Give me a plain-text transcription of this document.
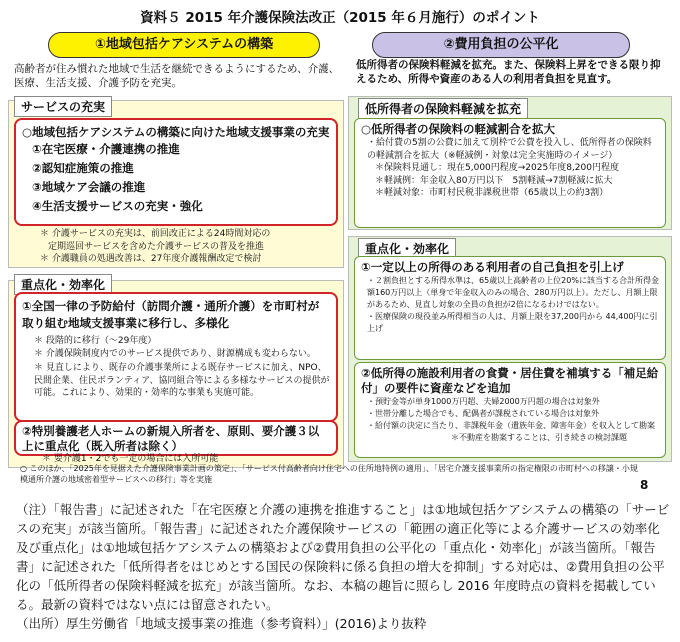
資料５ 2015 年介護保険法改正（2015 年６月施行）のポイント
①地域包括ケアシステムの構築	②費用負担の公平化
高齢者が住み慣れた地域で生活を継続できるようにするため、介護、医療、生活支援、介護予防を充実。
低所得者の保険料軽減を拡充。また、保険料上昇をできる限り抑えるため、所得や資産のある人の利用者負担を見直す。
サービスの充実
○地域包括ケアシステムの構築に向けた地域支援事業の充実
①在宅医療・介護連携の推進
②認知症施策の推進
③地域ケア会議の推進
④生活支援サービスの充実・強化
＊ 介護サービスの充実は、前回改正による24時間対応の
定期巡回サービスを含めた介護サービスの普及を推進
＊ 介護職員の処遇改善は、27年度介護報酬改定で検討
重点化・効率化
①全国一律の予防給付（訪問介護・通所介護）を市町村が取り組む地域支援事業に移行し、多様化
＊ 段階的に移行（～29年度）
＊ 介護保険制度内でのサービス提供であり、財源構成も変わらない。
＊ 見直しにより、既存の介護事業所による既存サービスに加え、NPO、民間企業、住民ボランティア、協同組合等による多様なサービスの提供が可能。これにより、効果的・効率的な事業も実施可能。
②特別養護老人ホームの新規入所者を、原則、要介護３以上に重点化（既入所者は除く）
＊ 要介護1・2でも一定の場合には入所可能
低所得者の保険料軽減を拡充
○低所得者の保険料の軽減割合を拡大
・給付費の5割の公費に加えて別枠で公費を投入し、低所得者の保険料の軽減割合を拡大（※軽減例・対象は完全実施時のイメージ）
＊保険料見通し：現在5,000円程度→2025年度8,200円程度
＊軽減例：年金収入80万円以下　5割軽減→7割軽減に拡大
＊軽減対象：市町村民税非課税世帯（65歳以上の約3割）
重点化・効率化
①一定以上の所得のある利用者の自己負担を引上げ
・２割負担とする所得水準は、65歳以上高齢者の上位20%に該当する合計所得金額160万円以上（単身で年金収入のみの場合、280万円以上）。ただし、月額上限があるため、見直し対象の全員の負担が2倍になるわけではない。
・医療保険の現役並み所得相当の人は、月額上限を37,200円から 44,400円に引上げ
②低所得の施設利用者の食費・居住費を補填する「補足給付」の要件に資産などを追加
・預貯金等が単身1000万円超、夫婦2000万円超の場合は対象外
・世帯分離した場合でも、配偶者が課税されている場合は対象外
・給付額の決定に当たり、非課税年金（遺族年金、障害年金）を収入として勘案
＊不動産を勘案することは、引き続きの検討課題
○ このほか、「2025年を見据えた介護保険事業計画の策定」、「サービス付高齢者向け住宅への住所地特例の適用」、「居宅介護支援事業所の指定権限の市町村への移譲・小規模通所介護の地域密着型サービスへの移行」等を実施	8
（注）「報告書」に記述された「在宅医療と介護の連携を推進すること」は①地域包括ケアシステムの構築の「サービスの充実」が該当箇所。「報告書」に記述された介護保険サービスの「範囲の適正化等による介護サービスの効率化及び重点化」は①地域包括ケアシステムの構築および②費用負担の公平化の「重点化・効率化」が該当箇所。「報告書」に記述された「低所得者をはじめとする国民の保険料に係る負担の増大を抑制」する対応は、②費用負担の公平化の「低所得者の保険料軽減を拡充」が該当箇所。なお、本稿の趣旨に照らし 2016 年度時点の資料を掲載している。最新の資料ではない点には留意されたい。
（出所）厚生労働省「地域支援事業の推進（参考資料）」(2016)より抜粋
